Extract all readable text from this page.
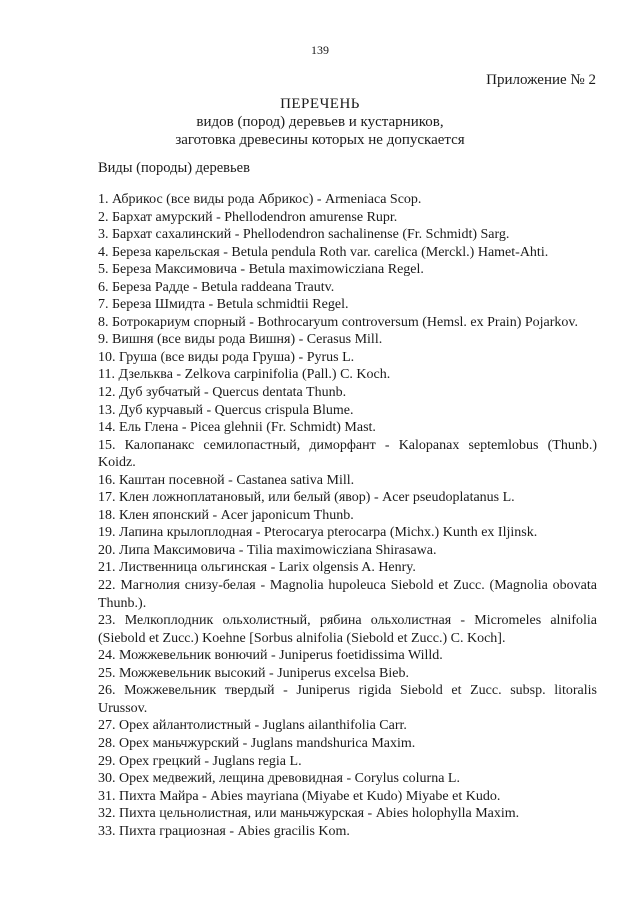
139
Приложение № 2
ПЕРЕЧЕНЬ
видов (пород) деревьев и кустарников,
заготовка древесины которых не допускается
Виды (породы) деревьев
1. Абрикос (все виды рода Абрикос) - Armeniaca Scop.
2. Бархат амурский - Phellodendron amurense Rupr.
3. Бархат сахалинский - Phellodendron sachalinense (Fr. Schmidt) Sarg.
4. Береза карельская - Betula pendula Roth var. carelica (Merckl.) Hamet-Ahti.
5. Береза Максимовича - Betula maximowicziana Regel.
6. Береза Радде - Betula raddeana Trautv.
7. Береза Шмидта - Betula schmidtii Regel.
8. Ботрокариум спорный - Bothrocaryum controversum (Hemsl. ex Prain) Pojarkov.
9. Вишня (все виды рода Вишня) - Cerasus Mill.
10. Груша (все виды рода Груша) - Pyrus L.
11. Дзельква - Zelkova carpinifolia (Pall.) C. Koch.
12. Дуб зубчатый - Quercus dentata Thunb.
13. Дуб курчавый - Quercus crispula Blume.
14. Ель Глена - Picea glehnii (Fr. Schmidt) Mast.
15. Калопанакс семилопастный, диморфант - Kalopanax septemlobus (Thunb.) Koidz.
16. Каштан посевной - Castanea sativa Mill.
17. Клен ложноплатановый, или белый (явор) - Acer pseudoplatanus L.
18. Клен японский - Acer japonicum Thunb.
19. Лапина крылоплодная - Pterocarya pterocarpa (Michx.) Kunth ex Iljinsk.
20. Липа Максимовича - Tilia maximowicziana Shirasawa.
21. Лиственница ольгинская - Larix olgensis A. Henry.
22. Магнолия снизу-белая - Magnolia hupoleuca Siebold et Zucc. (Magnolia obovata Thunb.).
23. Мелкоплодник ольхолистный, рябина ольхолистная - Micromeles alnifolia (Siebold et Zucc.) Koehne [Sorbus alnifolia (Siebold et Zucc.) C. Koch].
24. Можжевельник вонючий - Juniperus foetidissima Willd.
25. Можжевельник высокий - Juniperus excelsa Bieb.
26. Можжевельник твердый - Juniperus rigida Siebold et Zucc. subsp. litoralis Urussov.
27. Орех айлантолистный - Juglans ailanthifolia Carr.
28. Орех маньчжурский - Juglans mandshurica Maxim.
29. Орех грецкий - Juglans regia L.
30. Орех медвежий, лещина древовидная - Corylus colurna L.
31. Пихта Майра - Abies mayriana (Miyabe et Kudo) Miyabe et Kudo.
32. Пихта цельнолистная, или маньчжурская - Abies holophylla Maxim.
33. Пихта грациозная - Abies gracilis Kom.
